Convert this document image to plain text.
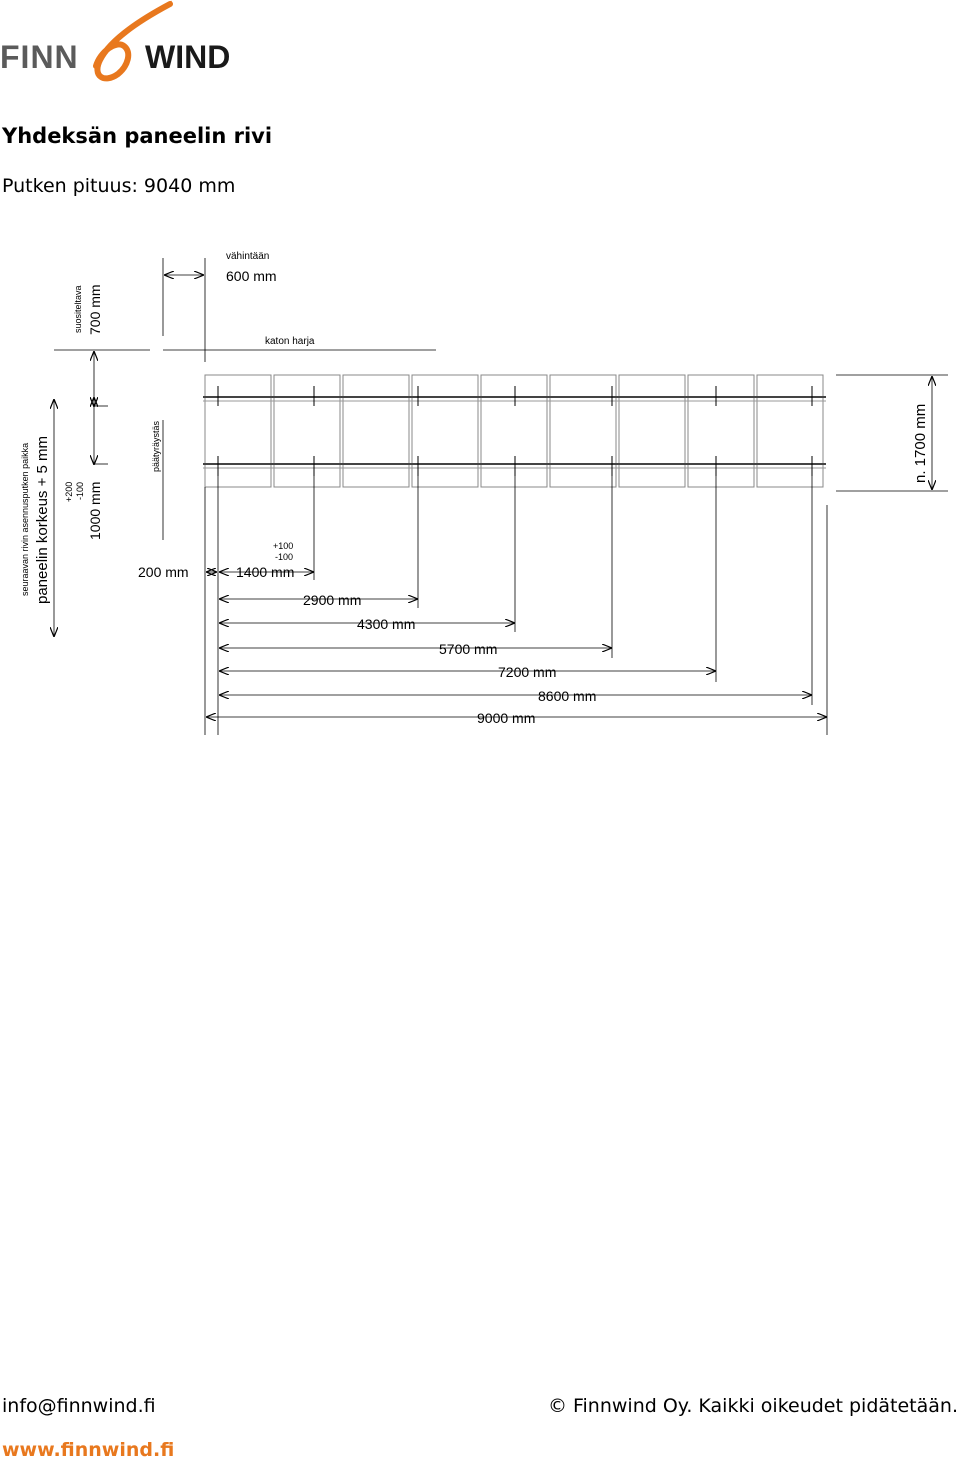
FINN WIND
Yhdeksän paneelin rivi
Putken pituus: 9040 mm
vähintään
600 mm
katon harja
suositeltava 700 mm
1000 mm
+200 -100
seuraavan rivin asennusputken paikka paneelin korkeus + 5 mm	päätyräystäs	n. 1700 mm
200 mm
+100
-100
1400 mm
2900 mm
4300 mm
5700 mm
7200 mm
8600 mm
9000 mm
info@finnwind.fi	© Finnwind Oy. Kaikki oikeudet pidätetään.
www.finnwind.fi
